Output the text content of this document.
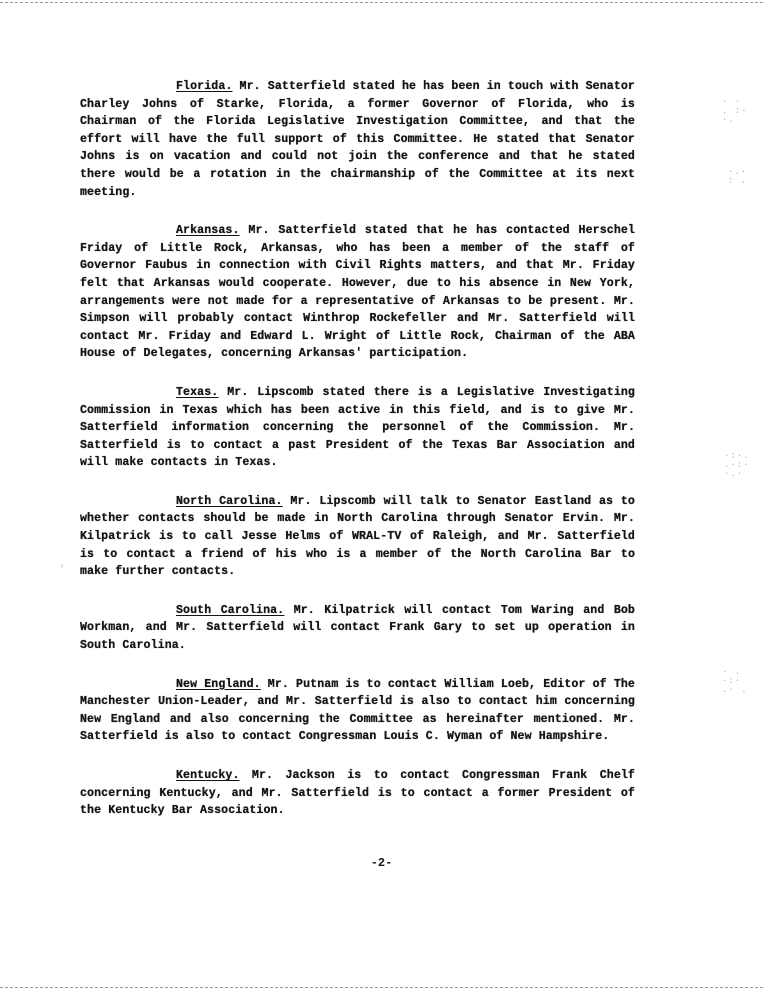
Florida. Mr. Satterfield stated he has been in touch with Senator Charley Johns of Starke, Florida, a former Governor of Florida, who is Chairman of the Florida Legislative Investigation Committee, and that the effort will have the full support of this Committee. He stated that Senator Johns is on vacation and could not join the conference and that he stated there would be a rotation in the chairmanship of the Committee at its next meeting.

Arkansas. Mr. Satterfield stated that he has contacted Herschel Friday of Little Rock, Arkansas, who has been a member of the staff of Governor Faubus in connection with Civil Rights matters, and that Mr. Friday felt that Arkansas would cooperate. However, due to his absence in New York, arrangements were not made for a representative of Arkansas to be present. Mr. Simpson will probably contact Winthrop Rockefeller and Mr. Satterfield will contact Mr. Friday and Edward L. Wright of Little Rock, Chairman of the ABA House of Delegates, concerning Arkansas' participation.

Texas. Mr. Lipscomb stated there is a Legislative Investigating Commission in Texas which has been active in this field, and is to give Mr. Satterfield information concerning the personnel of the Commission. Mr. Satterfield is to contact a past President of the Texas Bar Association and will make contacts in Texas.

North Carolina. Mr. Lipscomb will talk to Senator Eastland as to whether contacts should be made in North Carolina through Senator Ervin. Mr. Kilpatrick is to call Jesse Helms of WRAL-TV of Raleigh, and Mr. Satterfield is to contact a friend of his who is a member of the North Carolina Bar to make further contacts.

South Carolina. Mr. Kilpatrick will contact Tom Waring and Bob Workman, and Mr. Satterfield will contact Frank Gary to set up operation in South Carolina.

New England. Mr. Putnam is to contact William Loeb, Editor of The Manchester Union-Leader, and Mr. Satterfield is also to contact him concerning New England and also concerning the Committee as hereinafter mentioned. Mr. Satterfield is also to contact Congressman Louis C. Wyman of New Hampshire.

Kentucky. Mr. Jackson is to contact Congressman Frank Chelf concerning Kentucky, and Mr. Satterfield is to contact a former President of the Kentucky Bar Association.

-2-
· ·
. :·
·.
·.·
: .
·:·.
.·:·
·.·
· .
·:·
.· .
,
